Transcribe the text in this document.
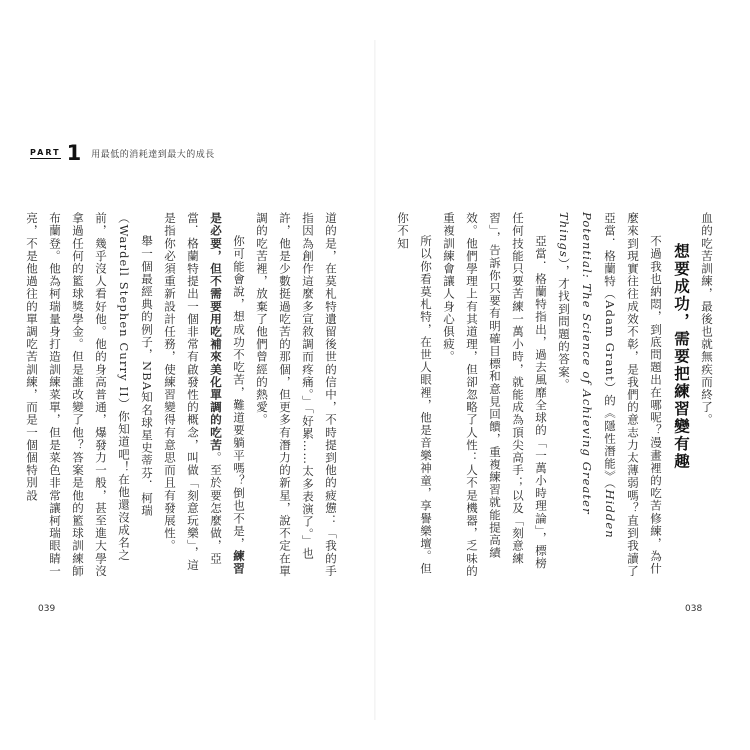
PART 1 用最低的消耗達到最大的成長

血的吃苦訓練，最後也就無疾而終了。

想要成功，需要把練習變有趣

不過我也納悶，到底問題出在哪呢？漫畫裡的吃苦修練，為什麼來到現實往往成效不彰，是我們的意志力太薄弱嗎？直到我讀了亞當．格蘭特（Adam Grant）的《隱性潛能》（Hidden Potential: The Science of Achieving Greater Things），才找到問題的答案。

亞當．格蘭特指出，過去風靡全球的「一萬小時理論」，標榜任何技能只要苦練一萬小時，就能成為頂尖高手；以及「刻意練習」，告訴你只要有明確目標和意見回饋，重複練習就能提高績效。他們學理上有其道理，但卻忽略了人性：人不是機器，乏味的重複訓練會讓人身心俱疲。

所以你看莫札特，在世人眼裡，他是音樂神童，享譽樂壇。但你不知

道的是，在莫札特遺留後世的信中，不時提到他的疲憊：「我的手指因為創作這麼多宣敘調而疼痛。」「好累……太多表演了。」也許，他是少數挺過吃苦的那個，但更多有潛力的新星，說不定在單調的吃苦裡，放棄了他們曾經的熱愛。

你可能會說，想成功不吃苦，難道要躺平嗎？倒也不是，練習是必要，但不需要用吃補來美化單調的吃苦。至於要怎麼做，亞當．格蘭特提出一個非常有啟發性的概念，叫做「刻意玩樂」，這是指你必須重新設計任務，使練習變得有意思而且有發展性。

舉一個最經典的例子，NBA知名球星史蒂芬．柯瑞（Wardell Stephen Curry II）你知道吧！在他還沒成名之前，幾乎沒人看好他。他的身高普通，爆發力一般，甚至進大學沒拿過任何的籃球獎學金。但是誰改變了他？答案是他的籃球訓練師布蘭登。他為柯瑞量身打造訓練菜單，但是菜色非常讓柯瑞眼睛一亮，不是他過往的單調吃苦訓練，而是一個個特別設

039	038
